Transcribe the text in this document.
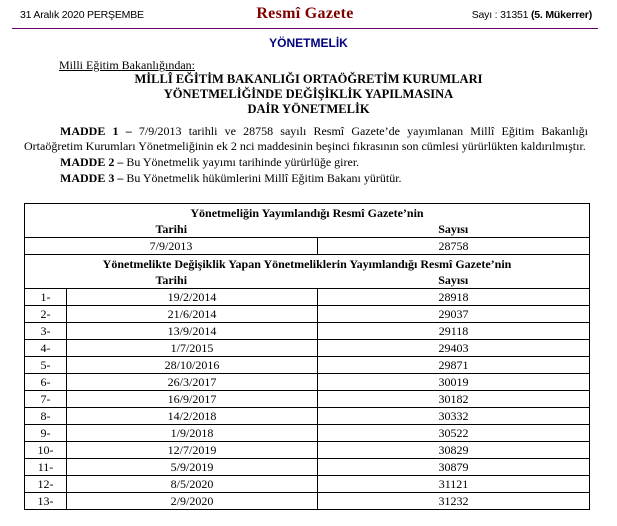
31 Aralık 2020 PERŞEMBE	Resmî Gazete	Sayı : 31351 (5. Mükerrer)
YÖNETMELİK
Milli Eğitim Bakanlığından:
MİLLÎ EĞİTİM BAKANLIĞI ORTAÖĞRETİM KURUMLARI
YÖNETMELİĞİNDE DEĞİŞİKLİK YAPILMASINA
DAİR YÖNETMELİK
MADDE 1 – 7/9/2013 tarihli ve 28758 sayılı Resmî Gazete’de yayımlanan Millî Eğitim Bakanlığı Ortaöğretim Kurumları Yönetmeliğinin ek 2 nci maddesinin beşinci fıkrasının son cümlesi yürürlükten kaldırılmıştır.
MADDE 2 – Bu Yönetmelik yayımı tarihinde yürürlüğe girer.
MADDE 3 – Bu Yönetmelik hükümlerini Millî Eğitim Bakanı yürütür.
Yönetmeliğin Yayımlandığı Resmî Gazete’nin		
Tarihi		Sayısı
7/9/2013		28758
Yönetmelikte Değişiklik Yapan Yönetmeliklerin Yayımlandığı Resmî Gazete’nin		
Tarihi		Sayısı
1-	19/2/2014	28918
2-	21/6/2014	29037
3-	13/9/2014	29118
4-	1/7/2015	29403
5-	28/10/2016	29871
6-	26/3/2017	30019
7-	16/9/2017	30182
8-	14/2/2018	30332
9-	1/9/2018	30522
10-	12/7/2019	30829
11-	5/9/2019	30879
12-	8/5/2020	31121
13-	2/9/2020	31232
